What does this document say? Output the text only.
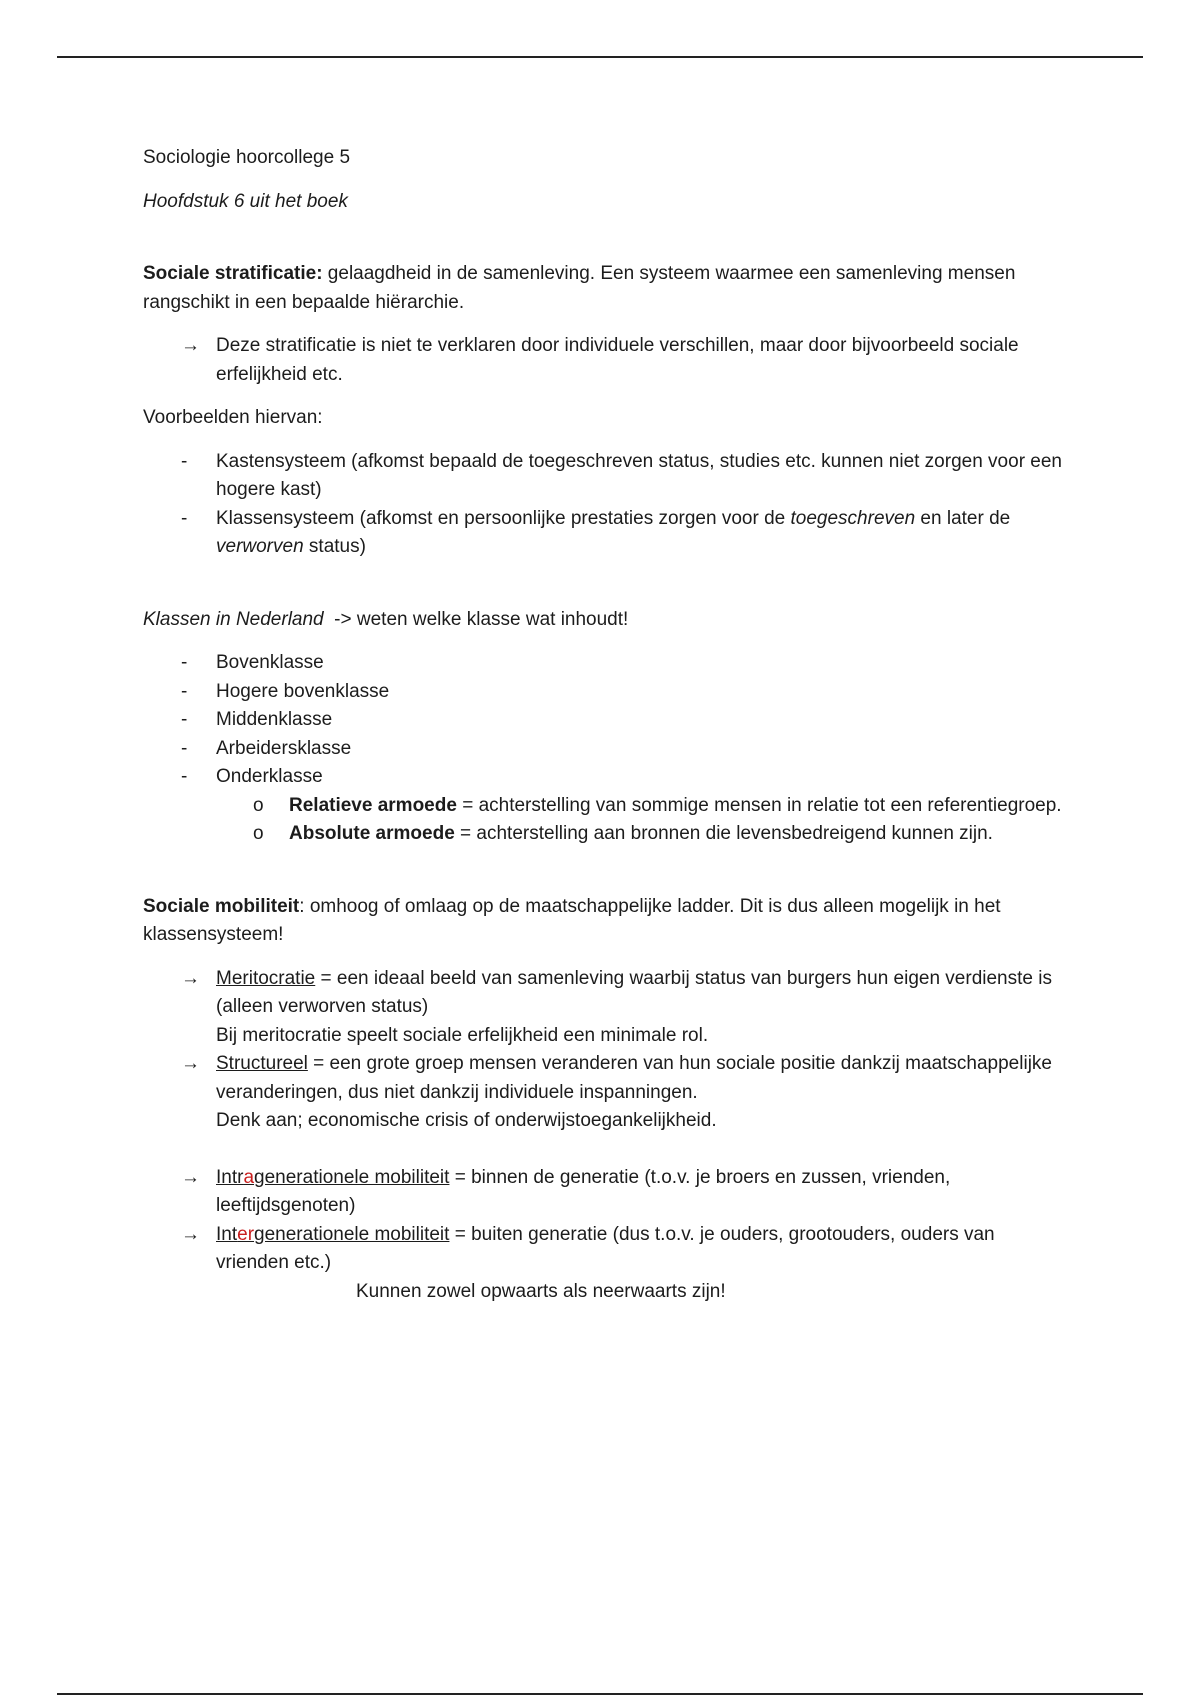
Sociologie hoorcollege 5

Hoofdstuk 6 uit het boek

Sociale stratificatie: gelaagdheid in de samenleving. Een systeem waarmee een samenleving mensen rangschikt in een bepaalde hiërarchie.

→ Deze stratificatie is niet te verklaren door individuele verschillen, maar door bijvoorbeeld sociale erfelijkheid etc.

Voorbeelden hiervan:

-	Kastensysteem (afkomst bepaald de toegeschreven status, studies etc. kunnen niet zorgen voor een hogere kast)
-	Klassensysteem (afkomst en persoonlijke prestaties zorgen voor de toegeschreven en later de verworven status)

Klassen in Nederland  -> weten welke klasse wat inhoudt!

-	Bovenklasse
-	Hogere bovenklasse
-	Middenklasse
-	Arbeidersklasse
-	Onderklasse
o Relatieve armoede = achterstelling van sommige mensen in relatie tot een referentiegroep.
o Absolute armoede = achterstelling aan bronnen die levensbedreigend kunnen zijn.

Sociale mobiliteit: omhoog of omlaag op de maatschappelijke ladder. Dit is dus alleen mogelijk in het klassensysteem!

→ Meritocratie = een ideaal beeld van samenleving waarbij status van burgers hun eigen verdienste is (alleen verworven status)
Bij meritocratie speelt sociale erfelijkheid een minimale rol.
→ Structureel = een grote groep mensen veranderen van hun sociale positie dankzij maatschappelijke veranderingen, dus niet dankzij individuele inspanningen.
Denk aan; economische crisis of onderwijstoegankelijkheid.
→ Intragenerationele mobiliteit = binnen de generatie (t.o.v. je broers en zussen, vrienden, leeftijdsgenoten)
→ Intergenerationele mobiliteit = buiten generatie (dus t.o.v. je ouders, grootouders, ouders van vrienden etc.)

Kunnen zowel opwaarts als neerwaarts zijn!
